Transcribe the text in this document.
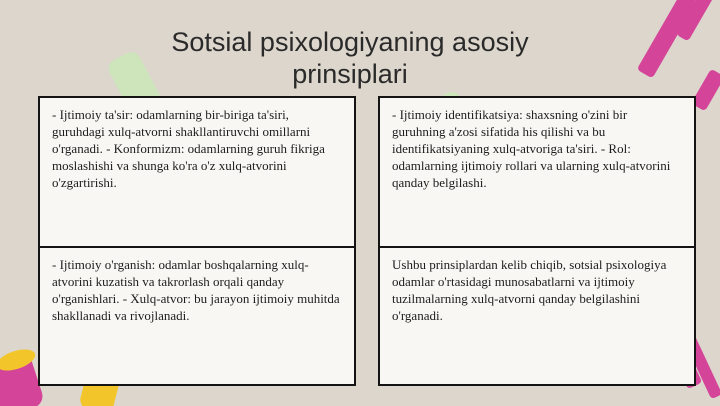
Sotsial psixologiyaning asosiy prinsiplari
- Ijtimoiy ta'sir: odamlarning bir-biriga ta'siri, guruhdagi xulq-atvorni shakllantiruvchi omillarni o'rganadi. - Konformizm: odamlarning guruh fikriga moslashishi va shunga ko'ra o'z xulq-atvorini o'zgartirishi.
- Ijtimoiy identifikatsiya: shaxsning o'zini bir guruhning a'zosi sifatida his qilishi va bu identifikatsiyaning xulq-atvoriga ta'siri. - Rol: odamlarning ijtimoiy rollari va ularning xulq-atvorini qanday belgilashi.
- Ijtimoiy o'rganish: odamlar boshqalarning xulq-atvorini kuzatish va takrorlash orqali qanday o'rganishlari. - Xulq-atvor: bu jarayon ijtimoiy muhitda shakllanadi va rivojlanadi.
Ushbu prinsiplardan kelib chiqib, sotsial psixologiya odamlar o'rtasidagi munosabatlarni va ijtimoiy tuzilmalarning xulq-atvorni qanday belgilashini o'rganadi.
